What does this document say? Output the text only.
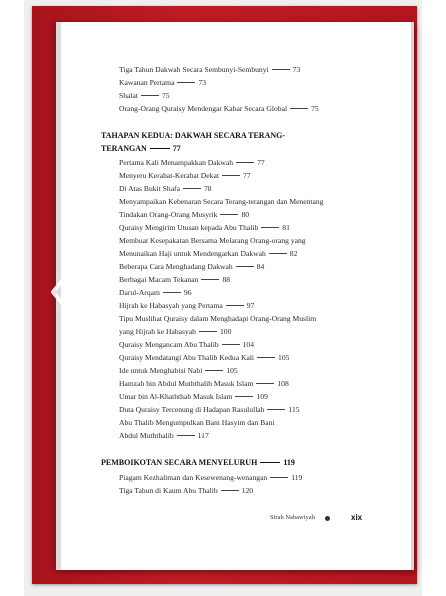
Tiga Tahun Dakwah Secara Sembunyi-Sembunyi	73
Kawanan Pertama	73
Shalat	75
Orang-Orang Quraisy Mendengar Kabar Secara Global	75
TAHAPAN KEDUA: DAKWAH SECARA TERANG-
TERANGAN	77
Pertama Kali Menampakkan Dakwah	77
Menyeru Kerabat-Kerabat Dekat	77
Di Atas Bukit Shafa	78
Menyampaikan Kebenaran Secara Terang-terangan dan Menentang
Tindakan Orang-Orang Musyrik	80
Quraisy Mengirim Utusan kepada Abu Thalib	81
Membuat Kesepakatan Bersama Melarang Orang-orang yang
Menunaikan Haji untuk Mendengarkan Dakwah	82
Beberapa Cara Menghadang Dakwah	84
Berbagai Macam Tekanan	88
Darul-Arqam	96
Hijrah ke Habasyah yang Pertama	97
Tipu Muslihat Quraisy dalam Menghadapi Orang-Orang Muslim
yang Hijrah ke Habasyah	100
Quraisy Mengancam Abu Thalib	104
Quraisy Mendatangi Abu Thalib Kedua Kali	105
Ide untuk Menghabisi Nabi	105
Hamzah bin Abdul Muththalib Masuk Islam	108
Umar bin Al-Khaththab Masuk Islam	109
Duta Quraisy Tercenung di Hadapan Rasulullah	115
Abu Thalib Mengumpulkan Bani Hasyim dan Bani
Abdul Muththalib	117
PEMBOIKOTAN SECARA MENYELURUH	119
Piagam Kezhaliman dan Kesewenang-wenangan	119
Tiga Tahun di Kaum Abu Thalib	120
Sirah Nabawiyah	xix
